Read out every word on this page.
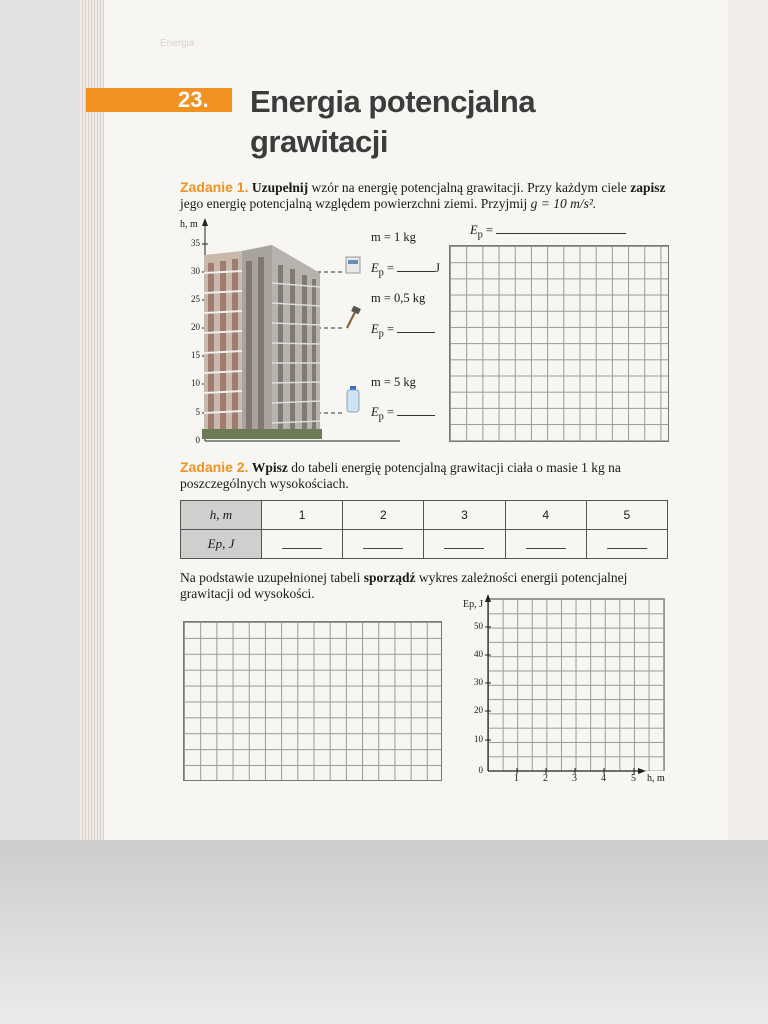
Energia
23. Energia potencjalna
grawitacji
Zadanie 1. Uzupełnij wzór na energię potencjalną grawitacji. Przy każdym ciele zapisz jego energię potencjalną względem powierzchni ziemi. Przyjmij g = 10 m/s².
h, m
35
30
25
20
15
10
5
0
m = 1 kg
$E_p$ =	J
m = 0,5 kg
$E_p$ =
m = 5 kg
$E_p$ =
$E_p$ =
Zadanie 2. Wpisz do tabeli energię potencjalną grawitacji ciała o masie 1 kg na poszczególnych wysokościach.
h, m	1	2	3	4	5
Ep, J					
Na podstawie uzupełnionej tabeli sporządź wykres zależności energii potencjalnej grawitacji od wysokości.
Ep, J
50
40
30
20
10
0
1 2 3 4	5 h, m
